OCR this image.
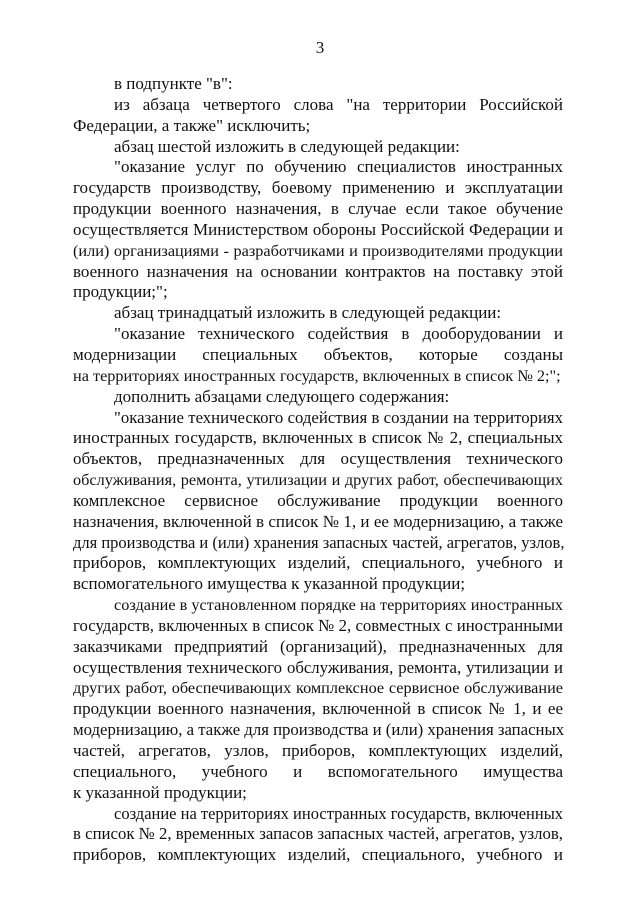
3
в подпункте "в":
из абзаца четвертого слова "на территории Российской
Федерации, а также" исключить;
абзац шестой изложить в следующей редакции:
"оказание услуг по обучению специалистов иностранных
государств производству, боевому применению и эксплуатации
продукции военного назначения, в случае если такое обучение
осуществляется Министерством обороны Российской Федерации и
(или) организациями - разработчиками и производителями продукции
военного назначения на основании контрактов на поставку этой
продукции;";
абзац тринадцатый изложить в следующей редакции:
"оказание технического содействия в дооборудовании и
модернизации специальных объектов, которые созданы
на территориях иностранных государств, включенных в список № 2;";
дополнить абзацами следующего содержания:
"оказание технического содействия в создании на территориях
иностранных государств, включенных в список № 2, специальных
объектов, предназначенных для осуществления технического
обслуживания, ремонта, утилизации и других работ, обеспечивающих
комплексное сервисное обслуживание продукции военного
назначения, включенной в список № 1, и ее модернизацию, а также
для производства и (или) хранения запасных частей, агрегатов, узлов,
приборов, комплектующих изделий, специального, учебного и
вспомогательного имущества к указанной продукции;
создание в установленном порядке на территориях иностранных
государств, включенных в список № 2, совместных с иностранными
заказчиками предприятий (организаций), предназначенных для
осуществления технического обслуживания, ремонта, утилизации и
других работ, обеспечивающих комплексное сервисное обслуживание
продукции военного назначения, включенной в список № 1, и ее
модернизацию, а также для производства и (или) хранения запасных
частей, агрегатов, узлов, приборов, комплектующих изделий,
специального, учебного и вспомогательного имущества
к указанной продукции;
создание на территориях иностранных государств, включенных
в список № 2, временных запасов запасных частей, агрегатов, узлов,
приборов, комплектующих изделий, специального, учебного и
